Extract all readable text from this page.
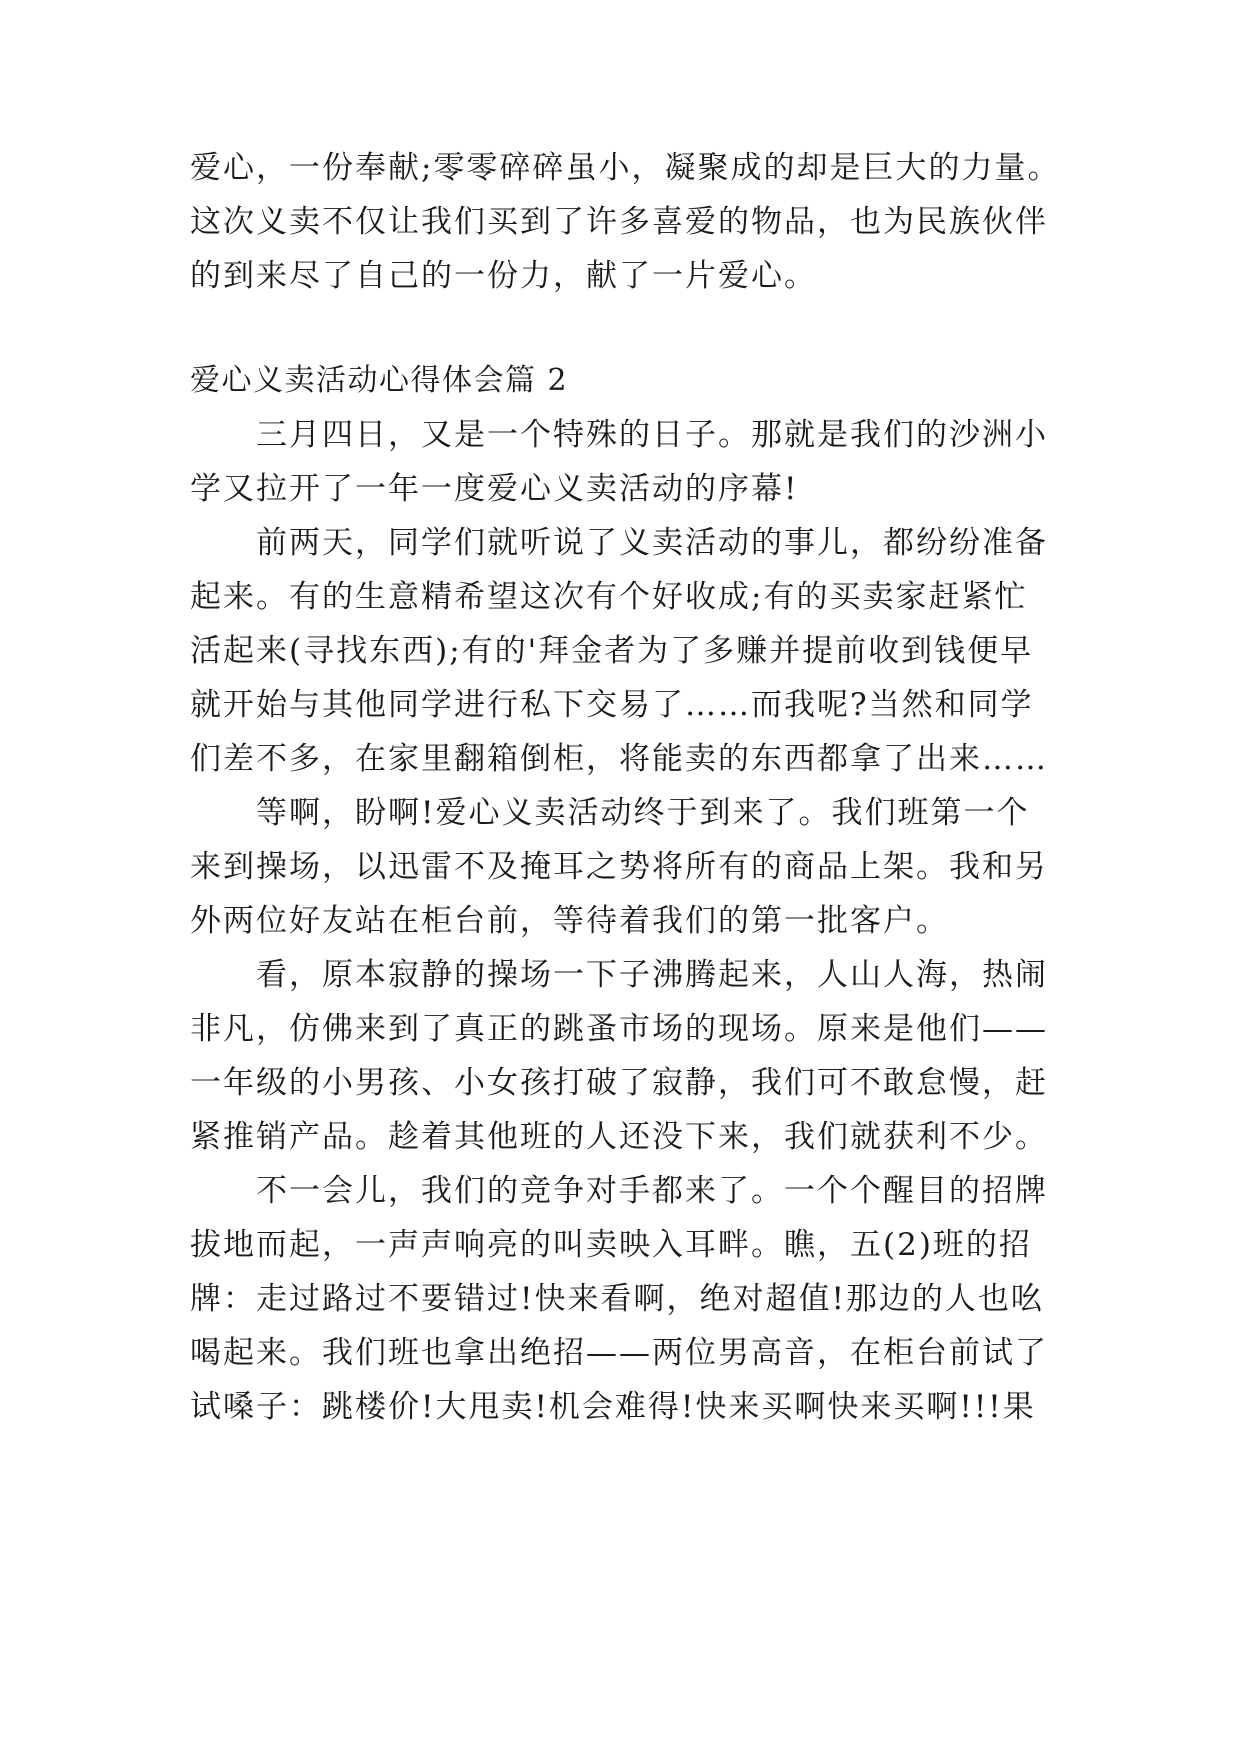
爱心，一份奉献;零零碎碎虽小，凝聚成的却是巨大的力量。
这次义卖不仅让我们买到了许多喜爱的物品，也为民族伙伴
的到来尽了自己的一份力，献了一片爱心。
爱心义卖活动心得体会篇 2
三月四日，又是一个特殊的日子。那就是我们的沙洲小
学又拉开了一年一度爱心义卖活动的序幕!
前两天，同学们就听说了义卖活动的事儿，都纷纷准备
起来。有的生意精希望这次有个好收成;有的买卖家赶紧忙
活起来(寻找东西);有的'拜金者为了多赚并提前收到钱便早
就开始与其他同学进行私下交易了……而我呢?当然和同学
们差不多，在家里翻箱倒柜，将能卖的东西都拿了出来……
等啊，盼啊!爱心义卖活动终于到来了。我们班第一个
来到操场，以迅雷不及掩耳之势将所有的商品上架。我和另
外两位好友站在柜台前，等待着我们的第一批客户。
看，原本寂静的操场一下子沸腾起来，人山人海，热闹
非凡，仿佛来到了真正的跳蚤市场的现场。原来是他们——
一年级的小男孩、小女孩打破了寂静，我们可不敢怠慢，赶
紧推销产品。趁着其他班的人还没下来，我们就获利不少。
不一会儿，我们的竞争对手都来了。一个个醒目的招牌
拔地而起，一声声响亮的叫卖映入耳畔。瞧，五(2)班的招
牌：走过路过不要错过!快来看啊，绝对超值!那边的人也吆
喝起来。我们班也拿出绝招——两位男高音，在柜台前试了
试嗓子：跳楼价!大甩卖!机会难得!快来买啊快来买啊!!!果
